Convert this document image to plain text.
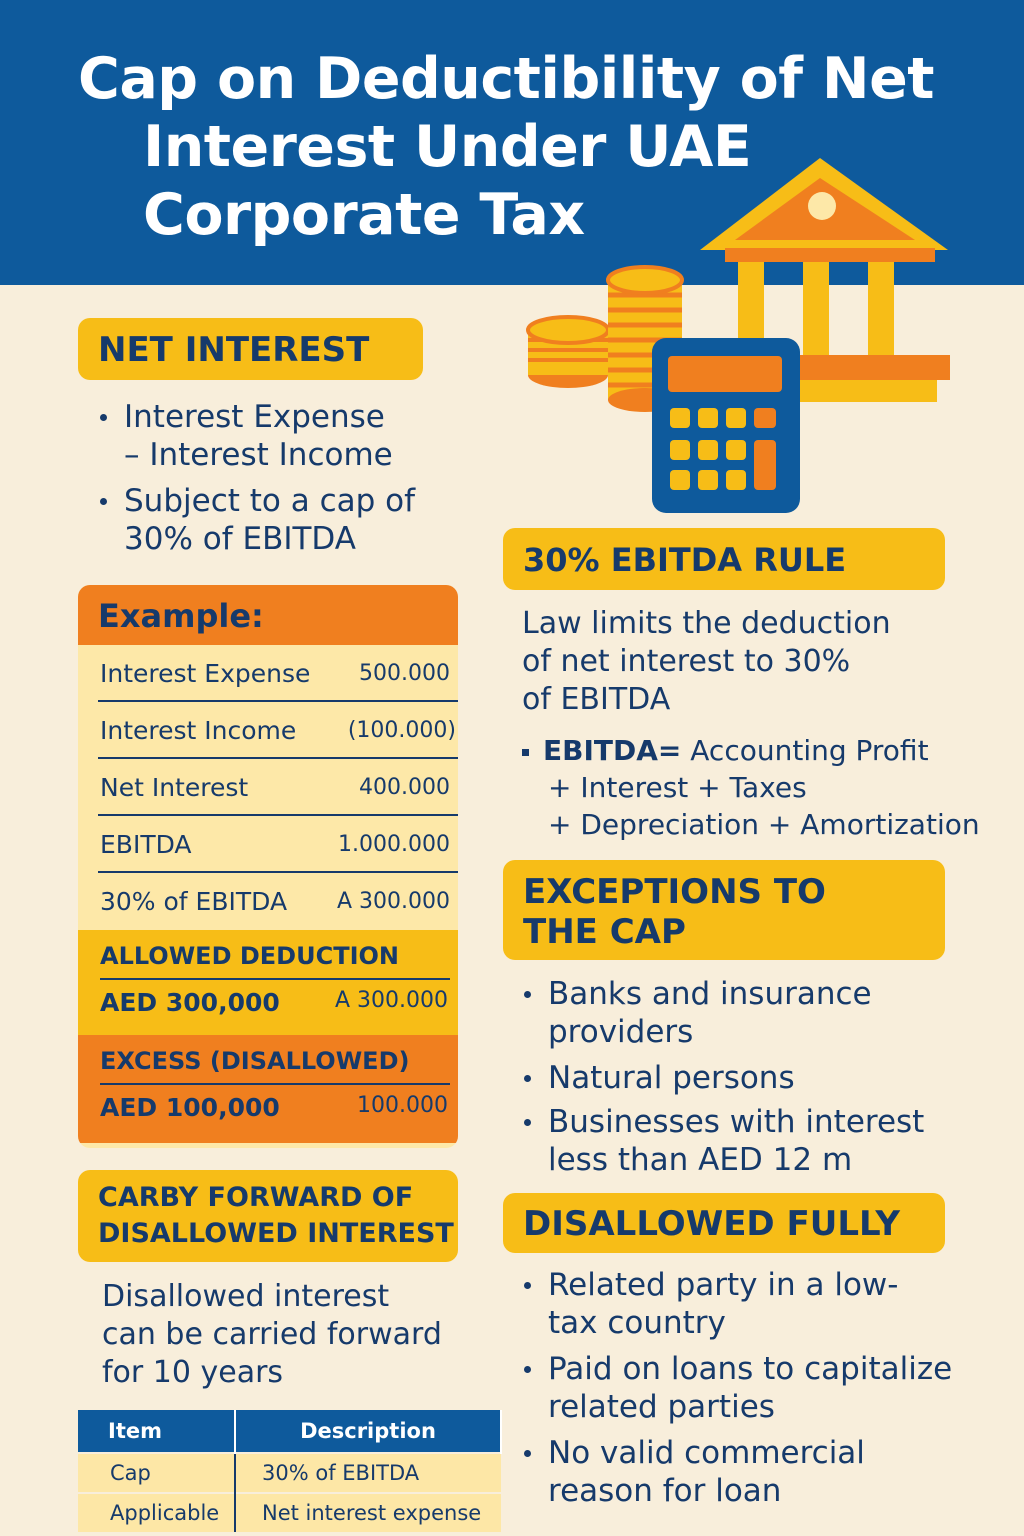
Cap on Deductibility of Net
Interest Under UAE
Corporate Tax
NET INTEREST
Interest Expense
– Interest Income
Subject to a cap of
30% of EBITDA
Example:
Interest Expense 500.000
Interest Income (100.000)
Net Interest	400.000
EBITDA	1.000.000
30% of EBITDA A 300.000
ALLOWED DEDUCTION
AED 300,000	A 300.000
EXCESS (DISALLOWED)
AED 100,000	100.000
CARBY FORWARD OF
DISALLOWED INTEREST
Disallowed interest
can be carried forward
for 10 years
Item	Description
Cap	30% of EBITDA
Applicable	Net interest expense
30% EBITDA RULE
Law limits the deduction
of net interest to 30%
of EBITDA
EBITDA= Accounting Profit
+ Interest + Taxes
+ Depreciation + Amortization
EXCEPTIONS TO
THE CAP
Banks and insurance
providers
Natural persons
Businesses with interest
less than AED 12 m
DISALLOWED FULLY
Related party in a low-
tax country
Paid on loans to capitalize
related parties
No valid commercial
reason for loan
